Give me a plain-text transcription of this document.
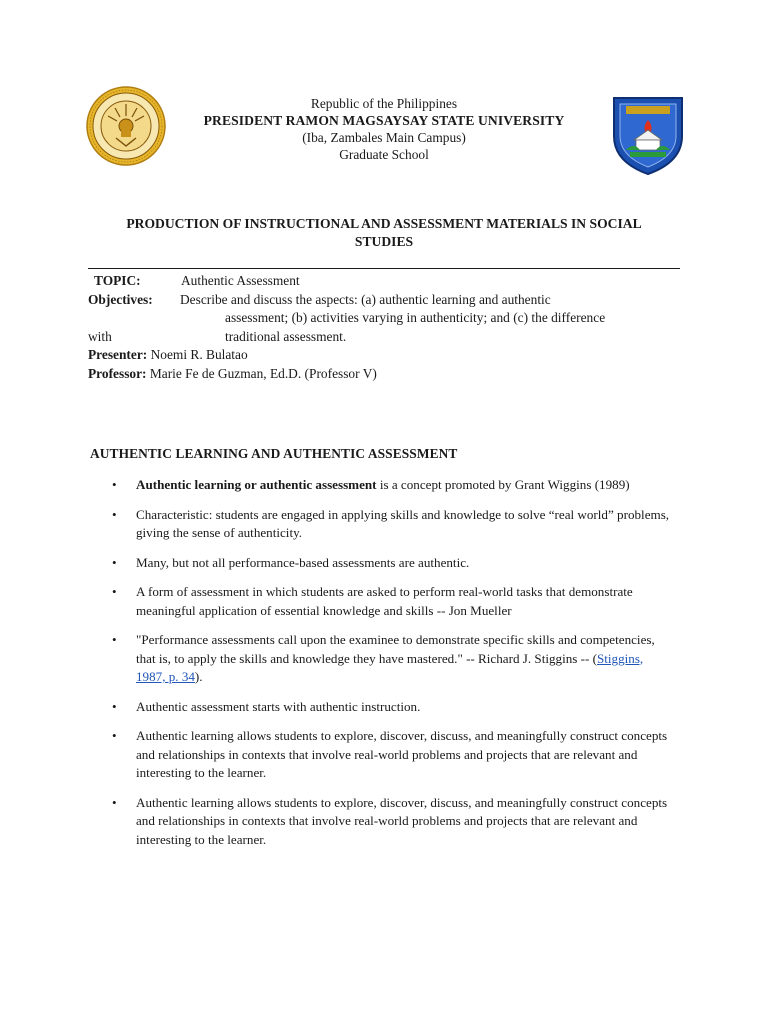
Republic of the Philippines
PRESIDENT RAMON MAGSAYSAY STATE UNIVERSITY
(Iba, Zambales Main Campus)
Graduate School
PRODUCTION OF INSTRUCTIONAL AND ASSESSMENT MATERIALS IN SOCIAL
STUDIES
TOPIC:	Authentic Assessment
Objectives:	Describe and discuss the aspects: (a) authentic learning and authentic
assessment; (b) activities varying in authenticity; and (c) the difference
with	traditional assessment.
Presenter:
Noemi R. Bulatao
Professor:
Marie Fe de Guzman, Ed.D. (Professor V)
AUTHENTIC LEARNING AND AUTHENTIC ASSESSMENT
• Authentic learning or authentic assessment is a concept promoted by Grant Wiggins (1989)
• Characteristic: students are engaged in applying skills and knowledge to solve “real world” problems, giving the sense of authenticity.
• Many, but not all performance-based assessments are authentic.
• A form of assessment in which students are asked to perform real-world tasks that demonstrate meaningful application of essential knowledge and skills -- Jon Mueller
• "Performance assessments call upon the examinee to demonstrate specific skills and competencies, that is, to apply the skills and knowledge they have mastered." -- Richard J. Stiggins -- (Stiggins, 1987, p. 34).
• Authentic assessment starts with authentic instruction.
• Authentic learning allows students to explore, discover, discuss, and meaningfully construct concepts and relationships in contexts that involve real-world problems and projects that are relevant and interesting to the learner.
• Authentic learning allows students to explore, discover, discuss, and meaningfully construct concepts and relationships in contexts that involve real-world problems and projects that are relevant and interesting to the learner.
